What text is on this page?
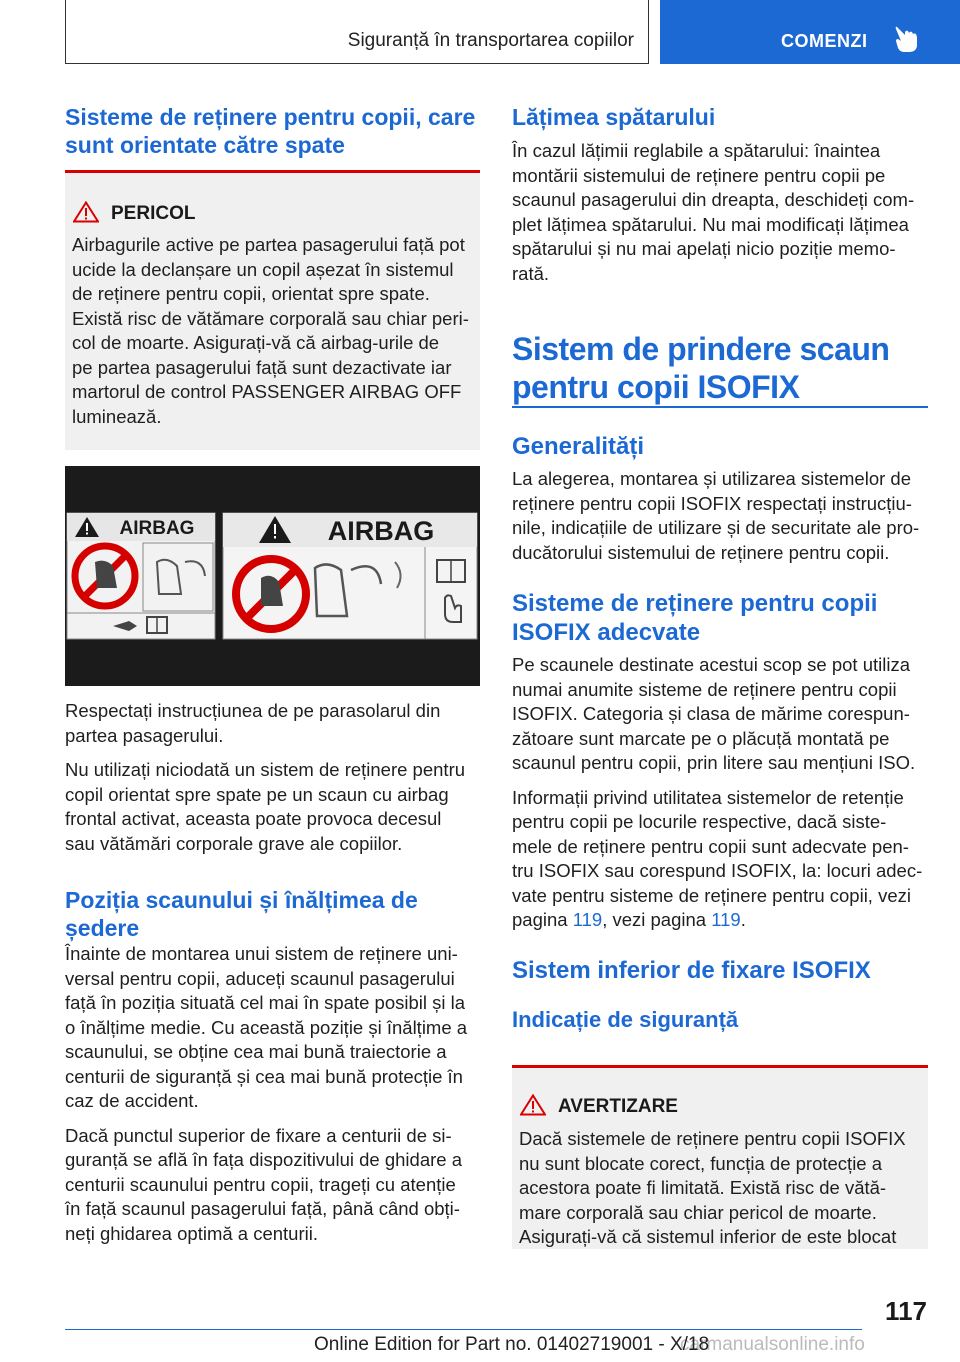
Siguranță în transportarea copiilor	COMENZI
Sisteme de reținere pentru copii, care sunt orientate către spate
PERICOL

Airbagurile active pe partea pasagerului față pot

ucide la declanșare un copil așezat în sistemul

de reținere pentru copii, orientat spre spate.

Există risc de vătămare corporală sau chiar peri-

col de moarte. Asigurați-vă că airbag-urile de

pe partea pasagerului față sunt dezactivate iar

martorul de control PASSENGER AIRBAG OFF

luminează.

AIRBAG	AIRBAG

Respectați instrucțiunea de pe parasolarul din

partea pasagerului.

Nu utilizați niciodată un sistem de reținere pentru

copil orientat spre spate pe un scaun cu airbag

frontal activat, aceasta poate provoca decesul

sau vătămări corporale grave ale copiilor.

Poziția scaunului și înălțimea de
ședere

Înainte de montarea unui sistem de reținere uni-

versal pentru copii, aduceți scaunul pasagerului

față în poziția situată cel mai în spate posibil și la

o înălțime medie. Cu această poziție și înălțime a

scaunului, se obține cea mai bună traiectorie a

centurii de siguranță și cea mai bună protecție în

caz de accident.

Dacă punctul superior de fixare a centurii de si-

guranță se află în fața dispozitivului de ghidare a

centurii scaunului pentru copii, trageți cu atenție

în față scaunul pasagerului față, până când obți-

neți ghidarea optimă a centurii.

Lățimea spătarului

În cazul lățimii reglabile a spătarului: înaintea

montării sistemului de reținere pentru copii pe

scaunul pasagerului din dreapta, deschideți com-

plet lățimea spătarului. Nu mai modificați lățimea

spătarului și nu mai apelați nicio poziție memo-

rată.

Sistem de prindere scaun
pentru copii ISOFIX
Generalități

La alegerea, montarea și utilizarea sistemelor de

reținere pentru copii ISOFIX respectați instrucțiu-

nile, indicațiile de utilizare și de securitate ale pro-

ducătorului sistemului de reținere pentru copii.

Sisteme de reținere pentru copii
ISOFIX adecvate

Pe scaunele destinate acestui scop se pot utiliza

numai anumite sisteme de reținere pentru copii

ISOFIX. Categoria și clasa de mărime corespun-

zătoare sunt marcate pe o plăcuță montată pe

scaunul pentru copii, prin litere sau mențiuni ISO.

Informații privind utilitatea sistemelor de retenție

pentru copii pe locurile respective, dacă siste-

mele de reținere pentru copii sunt adecvate pen-

tru ISOFIX sau corespund ISOFIX, la: locuri adec-

vate pentru sisteme de reținere pentru copii, vezi

pagina 119, vezi pagina 119.

Sistem inferior de fixare ISOFIX
Indicație de siguranță
AVERTIZARE

Dacă sistemele de reținere pentru copii ISOFIX

nu sunt blocate corect, funcția de protecție a

acestora poate fi limitată. Există risc de vătă-

mare corporală sau chiar pericol de moarte.

Asigurați-vă că sistemul inferior de este blocat

117
carmanualsonline.info
Online Edition for Part no. 01402719001 - X/18
